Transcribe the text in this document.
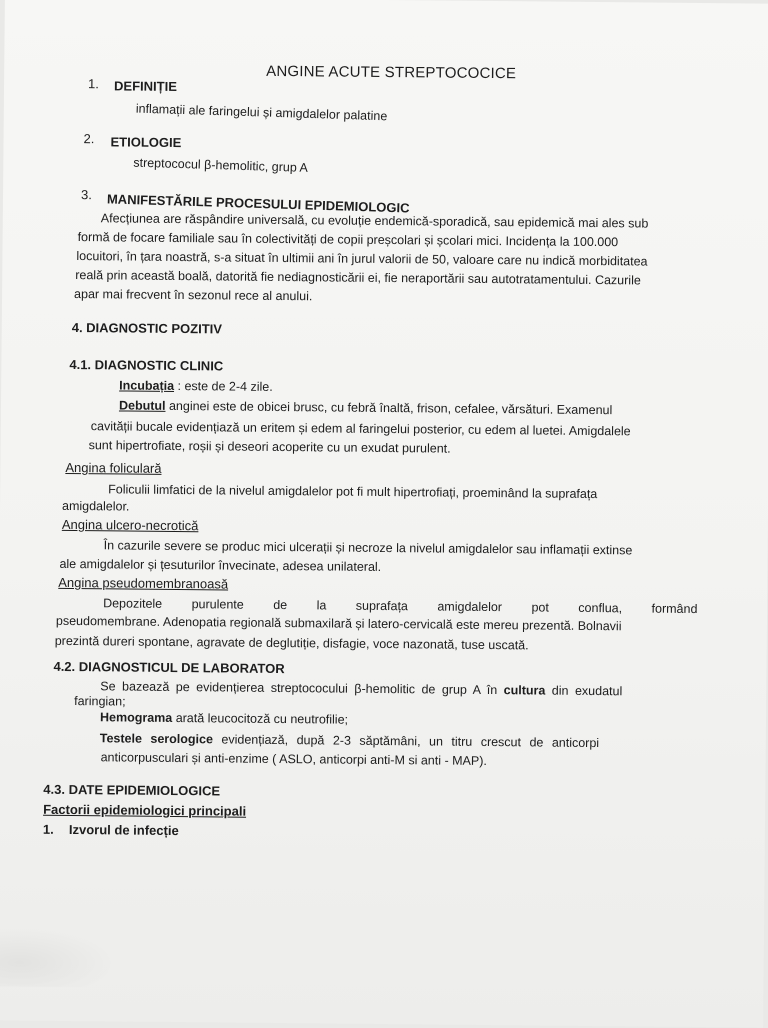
ANGINE ACUTE STREPTOCOCICE
1. DEFINIȚIE
inflamații ale faringelui și amigdalelor palatine
2. ETIOLOGIE
streptococul β-hemolitic, grup A
3. MANIFESTĂRILE PROCESULUI EPIDEMIOLOGIC
Afecțiunea are răspândire universală, cu evoluție endemică-sporadică, sau epidemică mai ales sub
formă de focare familiale sau în colectivități de copii preșcolari și școlari mici. Incidența la 100.000
locuitori, în țara noastră, s-a situat în ultimii ani în jurul valorii de 50, valoare care nu indică morbiditatea
reală prin această boală, datorită fie nediagnosticării ei, fie neraportării sau autotratamentului. Cazurile
apar mai frecvent în sezonul rece al anului.
4. DIAGNOSTIC POZITIV
4.1. DIAGNOSTIC CLINIC
Incubația : este de 2-4 zile.
Debutul anginei este de obicei brusc, cu febră înaltă, frison, cefalee, vărsături. Examenul
cavității bucale evidențiază un eritem și edem al faringelui posterior, cu edem al luetei. Amigdalele
sunt hipertrofiate, roșii și deseori acoperite cu un exudat purulent.
Angina foliculară
Foliculii limfatici de la nivelul amigdalelor pot fi mult hipertrofiați, proeminând la suprafața
amigdalelor.
Angina ulcero-necrotică
În cazurile severe se produc mici ulcerații și necroze la nivelul amigdalelor sau inflamații extinse
ale amigdalelor și țesuturilor învecinate, adesea unilateral.
Angina pseudomembranoasă
Depozitele purulente de la suprafața amigdalelor pot conflua, formând
pseudomembrane. Adenopatia regională submaxilară și latero-cervicală este mereu prezentă. Bolnavii
prezintă dureri spontane, agravate de deglutiție, disfagie, voce nazonată, tuse uscată.
4.2. DIAGNOSTICUL DE LABORATOR
Se bazează pe evidențierea streptococului β-hemolitic de grup A în cultura din exudatul
faringian;
Hemograma arată leucocitoză cu neutrofilie;
Testele serologice evidențiază, după 2-3 săptămâni, un titru crescut de anticorpi
anticorpusculari și anti-enzime ( ASLO, anticorpi anti-M si anti - MAP).
4.3. DATE EPIDEMIOLOGICE
Factorii epidemiologici principali
1. Izvorul de infecție
